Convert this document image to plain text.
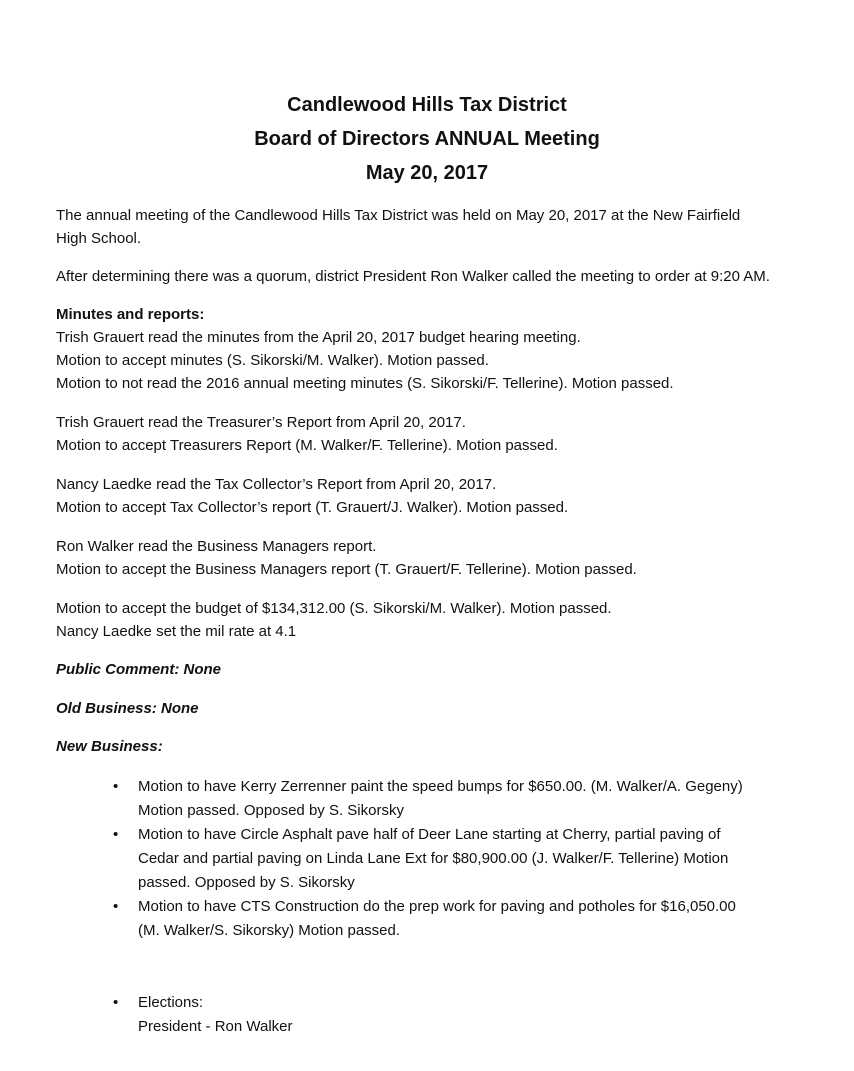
Candlewood Hills Tax District
Board of Directors ANNUAL Meeting
May 20, 2017

The annual meeting of the Candlewood Hills Tax District was held on May 20, 2017 at the New Fairfield High School.

After determining there was a quorum, district President Ron Walker called the meeting to order at 9:20 AM.

Minutes and reports:
Trish Grauert read the minutes from the April 20, 2017 budget hearing meeting.
Motion to accept minutes (S. Sikorski/M. Walker). Motion passed.
Motion to not read the 2016 annual meeting minutes (S. Sikorski/F. Tellerine). Motion passed.
Trish Grauert read the Treasurer’s Report from April 20, 2017.
Motion to accept Treasurers Report (M. Walker/F. Tellerine). Motion passed.
Nancy Laedke read the Tax Collector’s Report from April 20, 2017.
Motion to accept Tax Collector’s report (T. Grauert/J. Walker). Motion passed.
Ron Walker read the Business Managers report.
Motion to accept the Business Managers report (T. Grauert/F. Tellerine). Motion passed.
Motion to accept the budget of $134,312.00 (S. Sikorski/M. Walker). Motion passed.
Nancy Laedke set the mil rate at 4.1

Public Comment: None

Old Business: None

New Business:

• Motion to have Kerry Zerrenner paint the speed bumps for $650.00. (M. Walker/A. Gegeny)
Motion passed. Opposed by S. Sikorsky
• Motion to have Circle Asphalt pave half of Deer Lane starting at Cherry, partial paving of
Cedar and partial paving on Linda Lane Ext for $80,900.00 (J. Walker/F. Tellerine) Motion
passed. Opposed by S. Sikorsky
• Motion to have CTS Construction do the prep work for paving and potholes for $16,050.00
(M. Walker/S. Sikorsky) Motion passed.
• Elections:
President - Ron Walker
